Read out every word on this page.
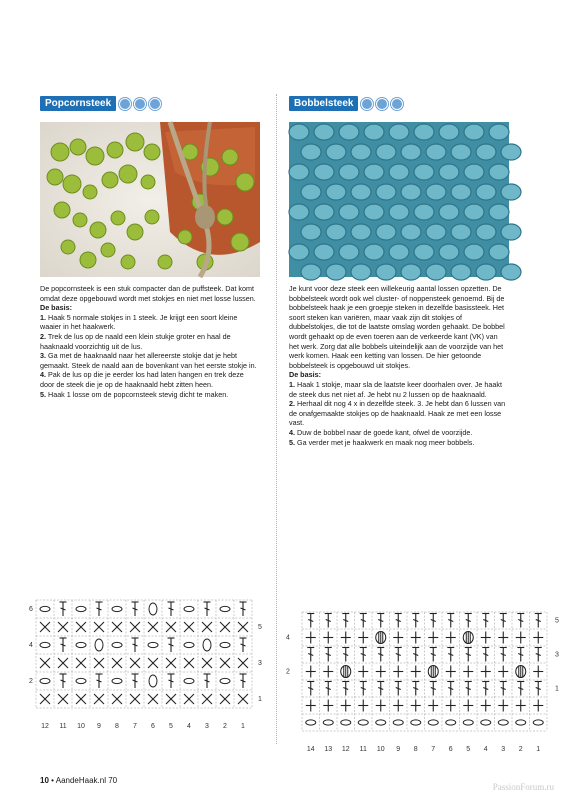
Popcornsteek

De popcornsteek is een stuk compacter dan de puffsteek. Dat komt omdat deze opgebouwd wordt met stokjes en niet met losse lussen.

De basis:

1. Haak 5 normale stokjes in 1 steek. Je krijgt een soort kleine waaier in het haakwerk.
2. Trek de lus op de naald een klein stukje groter en haal de haaknaald voorzichtig uit de lus.
3. Ga met de haaknaald naar het allereerste stokje dat je hebt gemaakt. Steek de naald aan de bovenkant van het eerste stokje in.
4. Pak de lus op die je eerder los had laten hangen en trek deze door de steek die je op de haaknaald hebt zitten heen.
5. Haak 1 losse om de popcornsteek stevig dicht te maken.
Bobbelsteek

Je kunt voor deze steek een willekeurig aantal lossen opzetten. De bobbelsteek wordt ook wel cluster- of noppensteek genoemd. Bij de bobbelsteek haak je een groepje steken in dezelfde basissteek. Het soort steken kan variëren, maar vaak zijn dit stokjes of dubbelstokjes, die tot de laatste omslag worden gehaakt. De bobbel wordt gehaakt op de even toeren aan de verkeerde kant (VK) van het werk. Zorg dat alle bobbels uiteindelijk aan de voorzijde van het werk komen. Haak een ketting van lossen. De hier getoonde bobbelsteek is opgebouwd uit stokjes.

De basis:

1. Haak 1 stokje, maar sla de laatste keer doorhalen over. Je haakt de steek dus net niet af. Je hebt nu 2 lussen op de haaknaald.
2. Herhaal dit nog 4 x in dezelfde steek. 3. Je hebt dan 6 lussen van de onafgemaakte stokjes op de haaknaald. Haak ze met een losse vast.
4. Duw de bobbel naar de goede kant, ofwel de voorzijde.
5. Ga verder met je haakwerk en maak nog meer bobbels.
12 11 10 9 8 7 6 5 4 3 2 1
6
4
2
5
3
1
14 13 12 11 10 9 8 7 6 5 4 3 2 1
4
2
5
3
1
10 • AandeHaak.nl 70
PassionForum.ru
